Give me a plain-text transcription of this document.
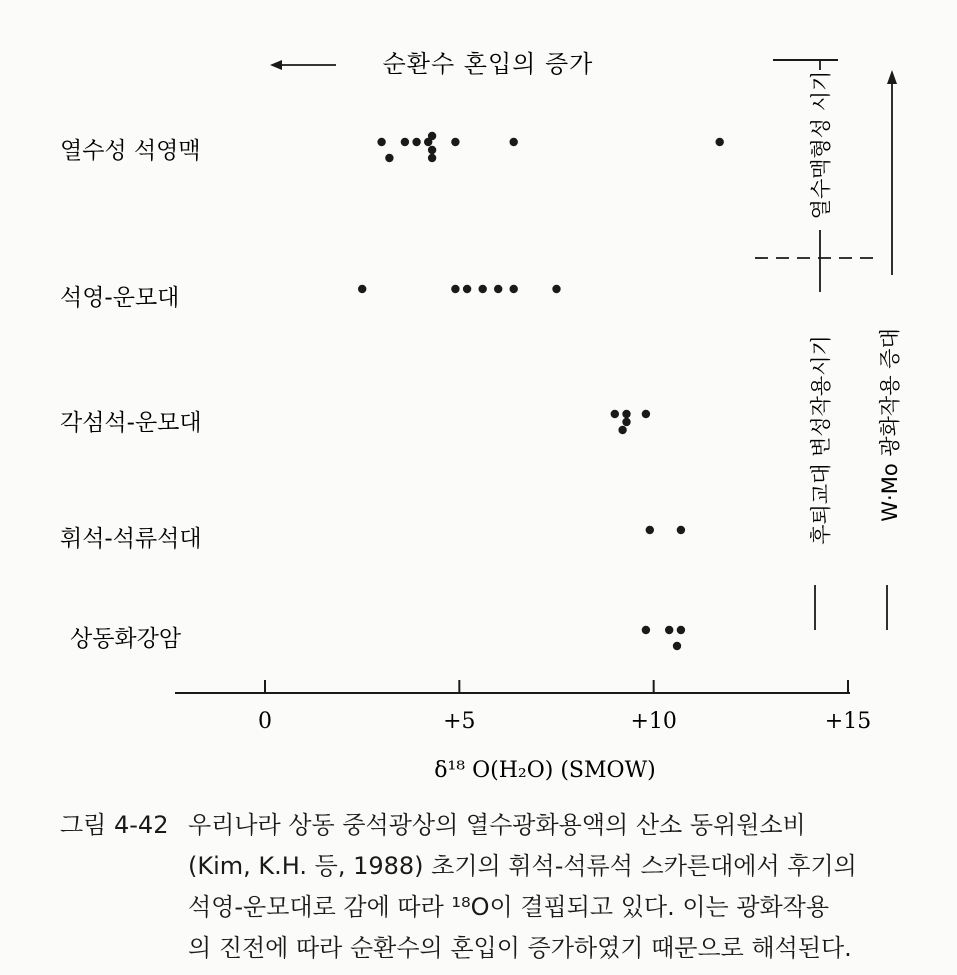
열수성 석영맥
석영-운모대
각섬석-운모대
휘석-석류석대
상동화강암
0	+5	+10	+15
δ¹⁸ O(H₂O) (SMOW)
순환수 혼입의 증가
열수맥형성 시기
후퇴교대 변성작용시기 W·Mo 광화작용 증대
그림 4-42 우리나라 상동 중석광상의 열수광화용액의 산소 동위원소비
(Kim, K.H. 등, 1988) 초기의 휘석-석류석 스카른대에서 후기의
석영-운모대로 감에 따라 ¹⁸O이 결핍되고 있다. 이는 광화작용
의 진전에 따라 순환수의 혼입이 증가하였기 때문으로 해석된다.
